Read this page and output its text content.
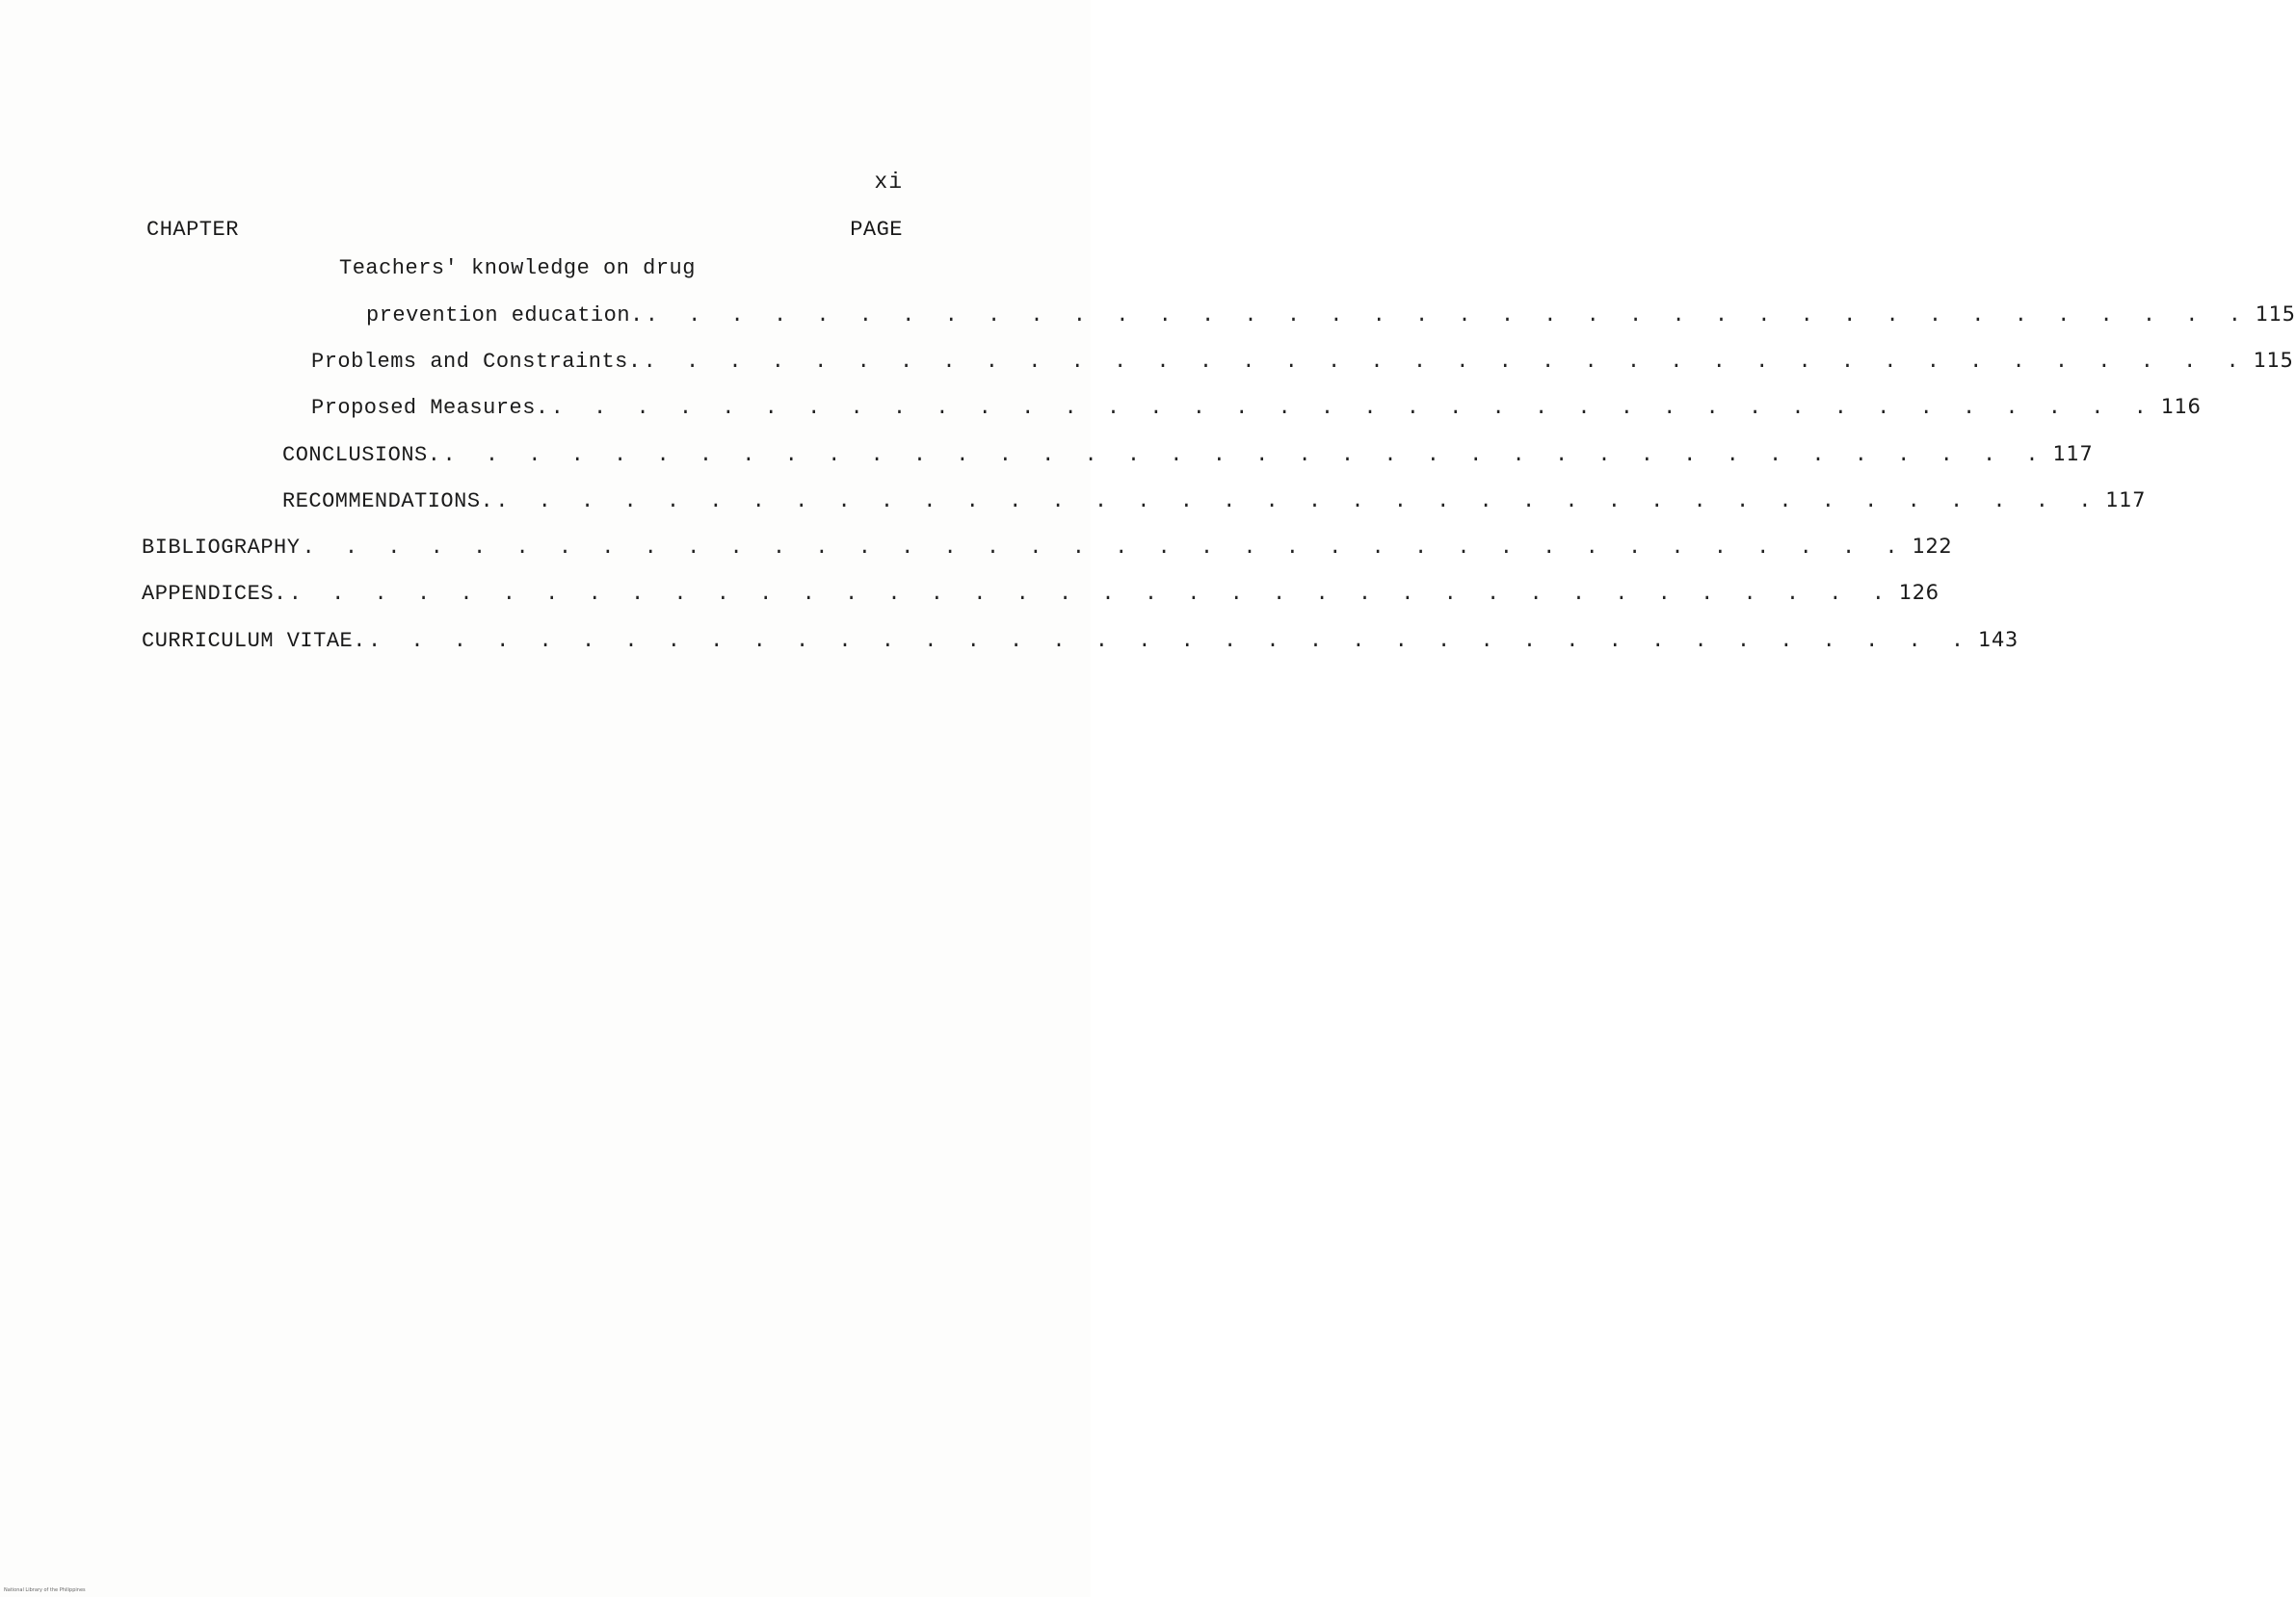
xi
CHAPTER	PAGE
Teachers' knowledge on drug
prevention education. . . . . . . . . . . . . . . . . . . . . . . . . . . . . . . . . . . . . . . 115
Problems and Constraints. . . . . . . . . . . . . . . . . . . . . . . . . . . . . . . . . . . . . . . 115
Proposed Measures. . . . . . . . . . . . . . . . . . . . . . . . . . . . . . . . . . . . . . . 116
CONCLUSIONS. . . . . . . . . . . . . . . . . . . . . . . . . . . . . . . . . . . . . . . 117
RECOMMENDATIONS. . . . . . . . . . . . . . . . . . . . . . . . . . . . . . . . . . . . . . . 117
BIBLIOGRAPHY . . . . . . . . . . . . . . . . . . . . . . . . . . . . . . . . . . . . . . 122
APPENDICES. . . . . . . . . . . . . . . . . . . . . . . . . . . . . . . . . . . . . . . 126
CURRICULUM VITAE. . . . . . . . . . . . . . . . . . . . . . . . . . . . . . . . . . . . . . . 143
National Library of the Philippines
